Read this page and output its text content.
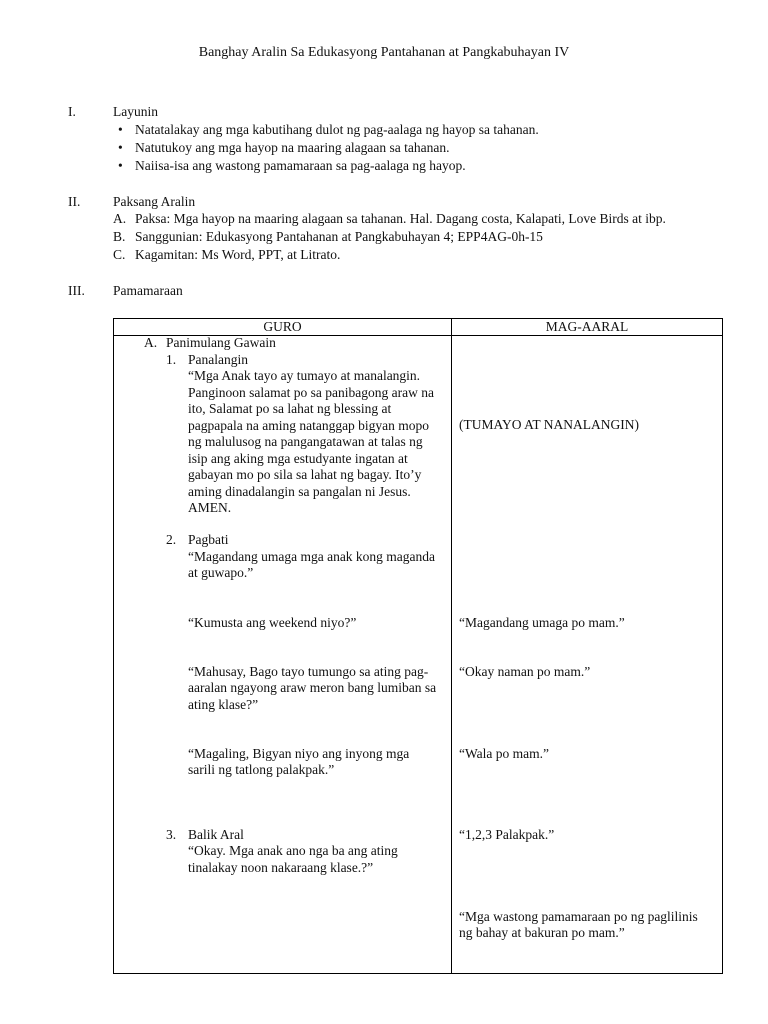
Banghay Aralin Sa Edukasyong Pantahanan at Pangkabuhayan IV
I.	Layunin
• Natatalakay ang mga kabutihang dulot ng pag-aalaga ng hayop sa tahanan.
• Natutukoy ang mga hayop na maaring alagaan sa tahanan.
• Naiisa-isa ang wastong pamamaraan sa pag-aalaga ng hayop.
II. Paksang Aralin
A. Paksa: Mga hayop na maaring alagaan sa tahanan. Hal. Dagang costa, Kalapati, Love Birds at ibp.
B. Sanggunian: Edukasyong Pantahanan at Pangkabuhayan 4; EPP4AG-0h-15
C. Kagamitan: Ms Word, PPT, at Litrato.
III. Pamamaraan
GURO	MAG-AARAL
A. Panimulang Gawain
1. Panalangin
“Mga Anak tayo ay tumayo at manalangin.
Panginoon salamat po sa panibagong araw na
ito, Salamat po sa lahat ng blessing at
pagpapala na aming natanggap bigyan mopo
ng malulusog na pangangatawan at talas ng
isip ang aking mga estudyante ingatan at
gabayan mo po sila sa lahat ng bagay. Ito’y
aming dinadalangin sa pangalan ni Jesus.
AMEN.
2. Pagbati
“Magandang umaga mga anak kong maganda
at guwapo.”
“Kumusta ang weekend niyo?”
“Mahusay, Bago tayo tumungo sa ating pag-
aaralan ngayong araw meron bang lumiban sa
ating klase?”
“Magaling, Bigyan niyo ang inyong mga
sarili ng tatlong palakpak.”
3. Balik Aral
“Okay. Mga anak ano nga ba ang ating
tinalakay noon nakaraang klase.?”
(TUMAYO AT NANALANGIN)
“Magandang umaga po mam.”
“Okay naman po mam.”
“Wala po mam.”
“1,2,3 Palakpak.”
“Mga wastong pamamaraan po ng paglilinis
ng bahay at bakuran po mam.”
